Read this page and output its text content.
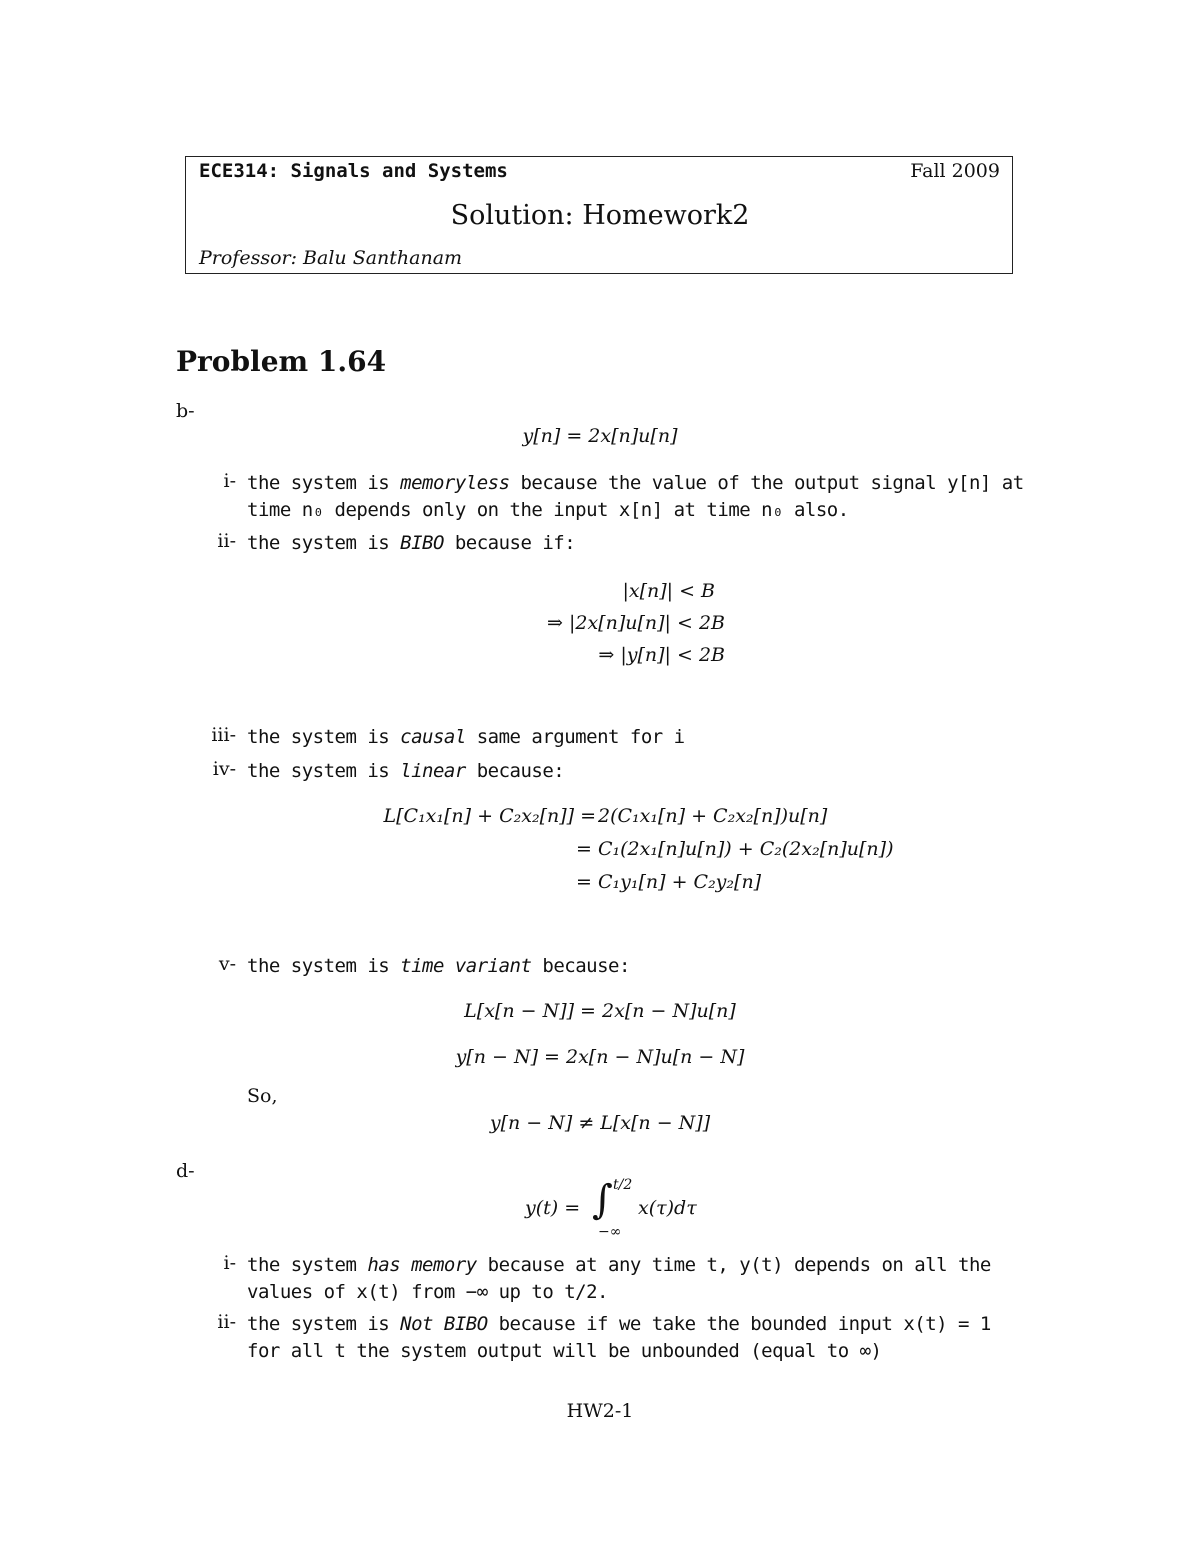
ECE314: Signals and Systems	Fall 2009
Solution: Homework2
Professor: Balu Santhanam
Problem 1.64
b-
y[n] = 2x[n]u[n]
i- the system is memoryless because the value of the output signal y[n] at time n₀ depends only on the input x[n] at time n₀ also.
ii- the system is BIBO because if:
|x[n]| < B
⇒ |2x[n]u[n]| < 2B
⇒ |y[n]| < 2B
iii- the system is causal same argument for i
iv- the system is linear because:
L[C₁x₁[n] + C₂x₂[n]] = 2(C₁x₁[n] + C₂x₂[n])u[n]
= C₁(2x₁[n]u[n]) + C₂(2x₂[n]u[n])
= C₁y₁[n] + C₂y₂[n]
v- the system is time variant because:
L[x[n − N]] = 2x[n − N]u[n]
y[n − N] = 2x[n − N]u[n − N]
So,
y[n − N] ≠ L[x[n − N]]
d-
y(t) = ∫ t/2
−∞
x(τ)dτ
i- the system has memory because at any time t, y(t) depends on all the values of x(t) from −∞ up to t/2.
ii- the system is Not BIBO because if we take the bounded input x(t) = 1 for all t the system output will be unbounded (equal to ∞)
HW2-1
